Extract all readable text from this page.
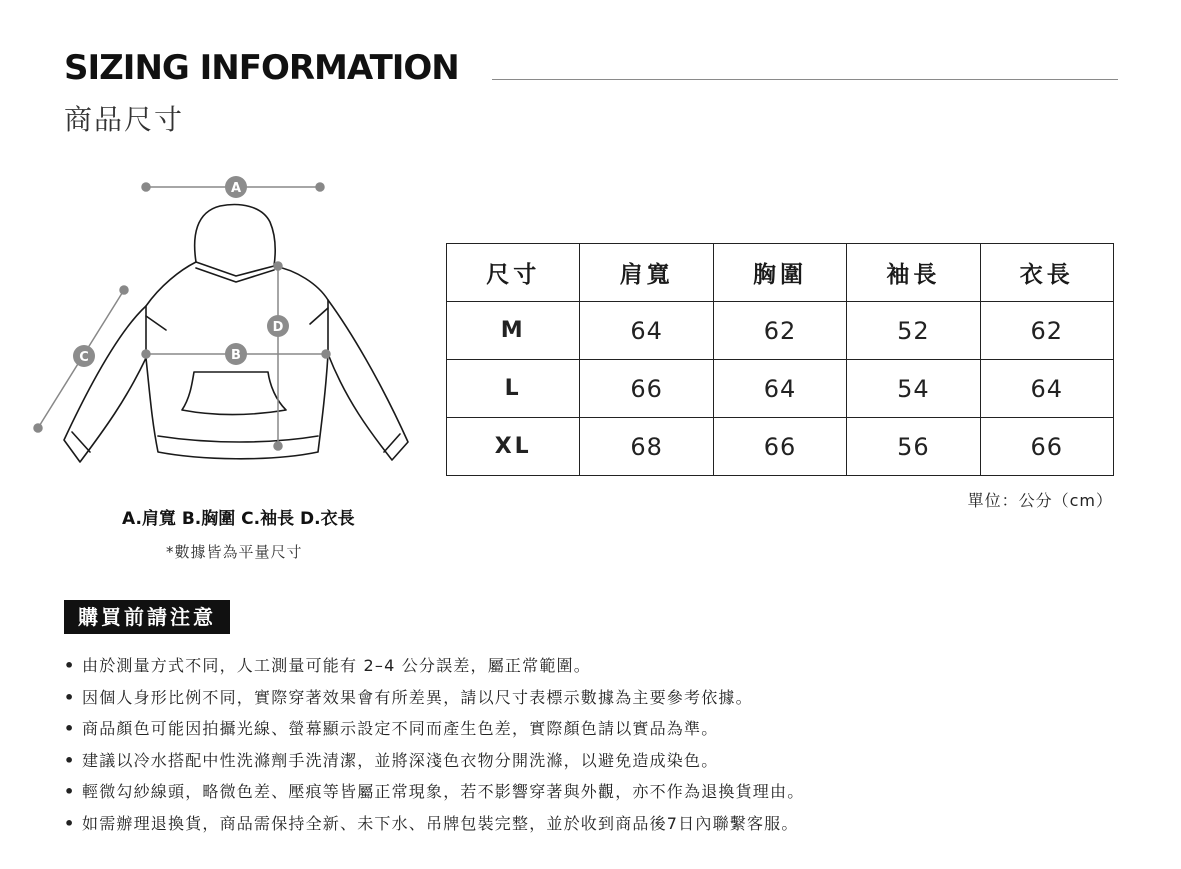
SIZING INFORMATION
商品尺寸
A
B
C
D
A.肩寬 B.胸圍 C.袖長 D.衣長
*數據皆為平量尺寸
尺寸	肩寬	胸圍	袖長	衣長
M	64	62	52	62
L	66	64	54	64
XL	68	66	56	66
單位：公分（cm）
購買前請注意
• 由於測量方式不同，人工測量可能有 2–4 公分誤差，屬正常範圍。
• 因個人身形比例不同，實際穿著效果會有所差異，請以尺寸表標示數據為主要參考依據。
• 商品顏色可能因拍攝光線、螢幕顯示設定不同而產生色差，實際顏色請以實品為準。
• 建議以冷水搭配中性洗滌劑手洗清潔，並將深淺色衣物分開洗滌，以避免造成染色。
• 輕微勾紗線頭，略微色差、壓痕等皆屬正常現象，若不影響穿著與外觀，亦不作為退換貨理由。
• 如需辦理退換貨，商品需保持全新、未下水、吊牌包裝完整，並於收到商品後7日內聯繫客服。
